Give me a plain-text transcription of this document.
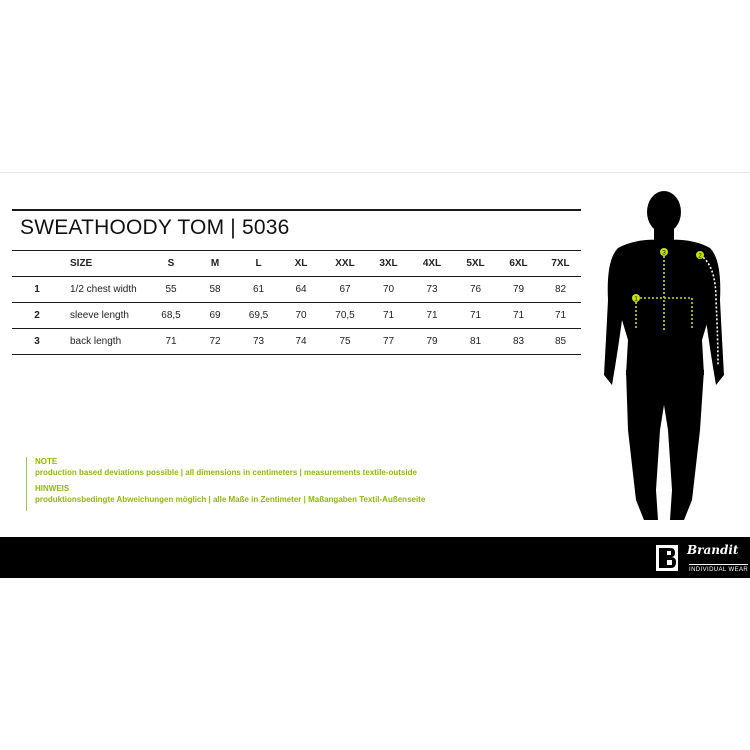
SWEATHOODY TOM | 5036
	SIZE	S	M	L	XL	XXL	3XL	4XL	5XL	6XL	7XL
1	1/2 chest width	55	58	61	64	67	70	73	76	79	82
2	sleeve length	68,5	69	69,5	70	70,5	71	71	71	71	71
3	back length	71	72	73	74	75	77	79	81	83	85
NOTE
production based deviations possible | all dimensions in centimeters | measurements textile-outside
HINWEIS
produktionsbedingte Abweichungen möglich | alle Maße in Zentimeter | Maßangaben Textil-Außenseite
1
2
3
Brandit
INDIVIDUAL WEAR
